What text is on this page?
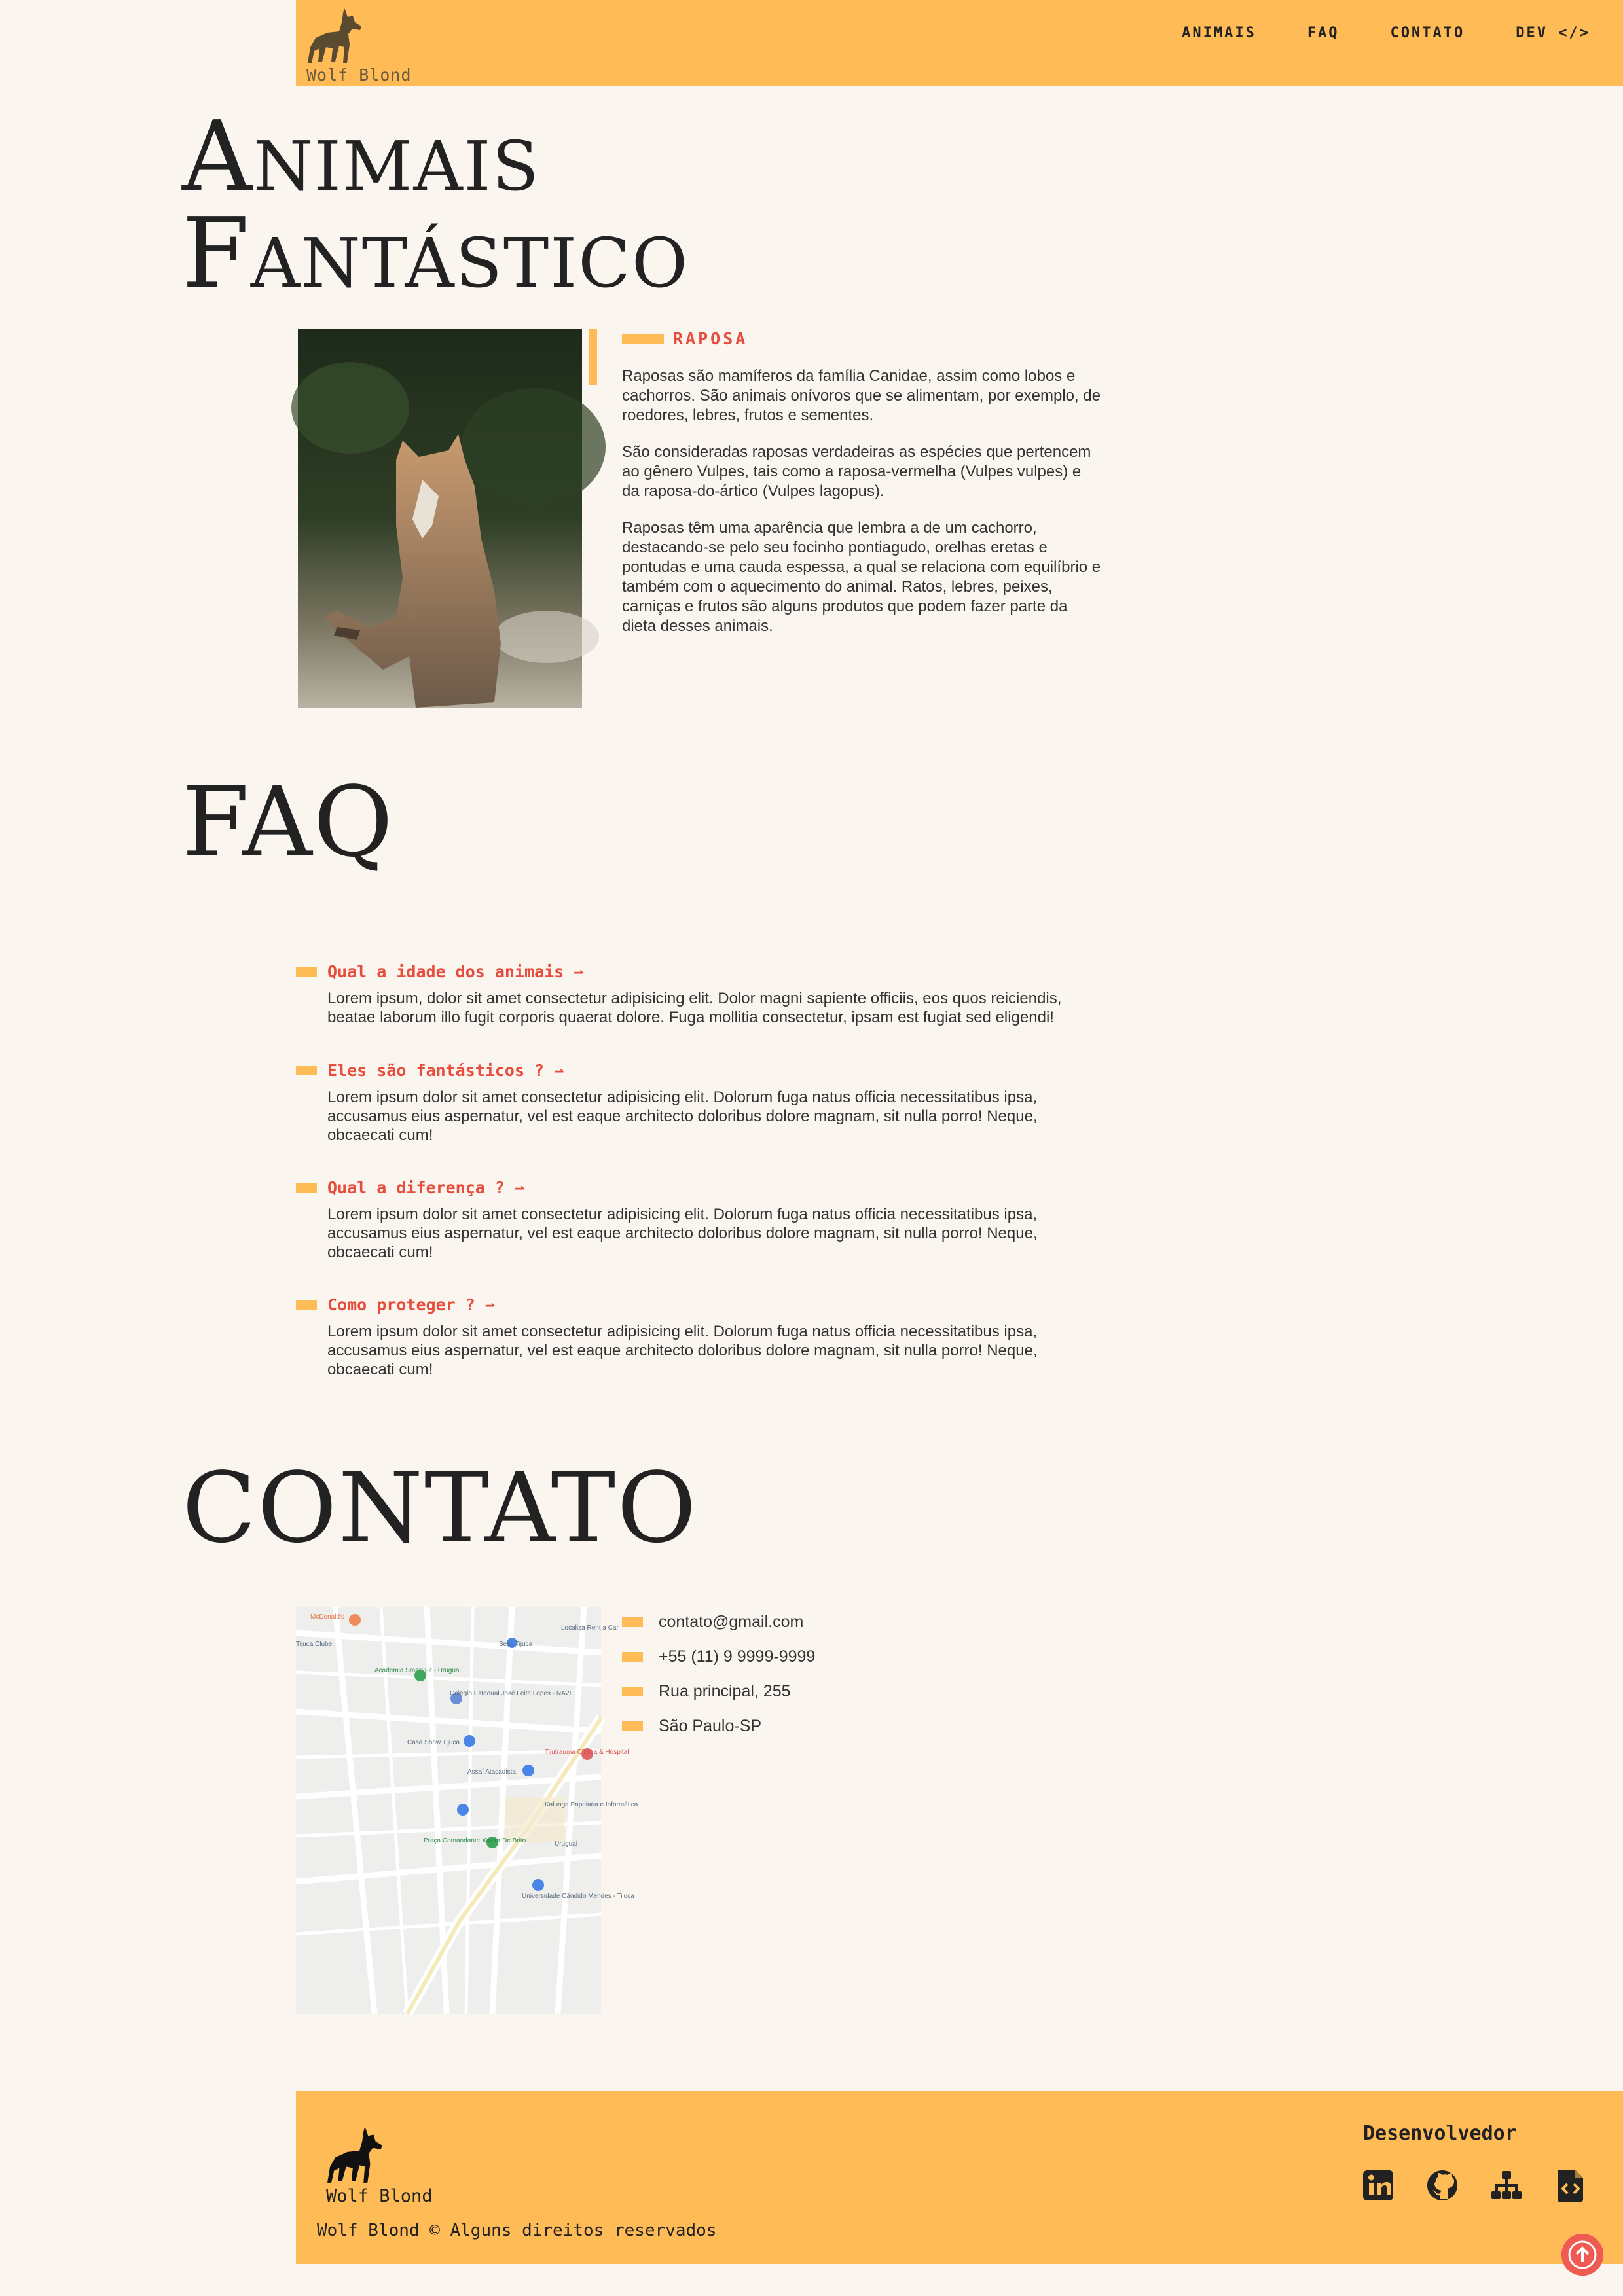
Wolf Blond
ANIMAIS	FAQ	CONTATO	DEV </>
Animais
Fantástico
RAPOSA

Raposas são mamíferos da família Canidae, assim como lobos e cachorros. São animais onívoros que se alimentam, por exemplo, de roedores, lebres, frutos e sementes.

São consideradas raposas verdadeiras as espécies que pertencem ao gênero Vulpes, tais como a raposa-vermelha (Vulpes vulpes) e da raposa-do-ártico (Vulpes lagopus).

Raposas têm uma aparência que lembra a de um cachorro, destacando-se pelo seu focinho pontiagudo, orelhas eretas e pontudas e uma cauda espessa, a qual se relaciona com equilíbrio e também com o aquecimento do animal. Ratos, lebres, peixes, carniças e frutos são alguns produtos que podem fazer parte da dieta desses animais.

FAQ
Qual a idade dos animais ⇀
Lorem ipsum, dolor sit amet consectetur adipisicing elit. Dolor magni sapiente officiis, eos quos reiciendis, beatae laborum illo fugit corporis quaerat dolore. Fuga mollitia consectetur, ipsam est fugiat sed eligendi!
Eles são fantásticos ? ⇀
Lorem ipsum dolor sit amet consectetur adipisicing elit. Dolorum fuga natus officia necessitatibus ipsa, accusamus eius aspernatur, vel est eaque architecto doloribus dolore magnam, sit nulla porro! Neque, obcaecati cum!
Qual a diferença ? ⇀
Lorem ipsum dolor sit amet consectetur adipisicing elit. Dolorum fuga natus officia necessitatibus ipsa, accusamus eius aspernatur, vel est eaque architecto doloribus dolore magnam, sit nulla porro! Neque, obcaecati cum!
Como proteger ? ⇀
Lorem ipsum dolor sit amet consectetur adipisicing elit. Dolorum fuga natus officia necessitatibus ipsa, accusamus eius aspernatur, vel est eaque architecto doloribus dolore magnam, sit nulla porro! Neque, obcaecati cum!
CONTATO
McDonald's
Academia Smart Fit - Uruguai
Colégio Estadual José Leite Lopes - NAVE
Casa Show Tijuca
Assaí Atacadista
Praça Comandante Xavier De Brito
Universidade Cândido Mendes - Tijuca
Tijutrauma Clínica & Hospital
Kalunga Papelaria e Informática
Localiza Rent a Car
Uruguai
Sesc Tijuca
Tijuca Clube
contato@gmail.com
+55 (11) 9 9999-9999
Rua principal, 255
São Paulo-SP
Wolf Blond
Wolf Blond © Alguns direitos reservados
Desenvolvedor
